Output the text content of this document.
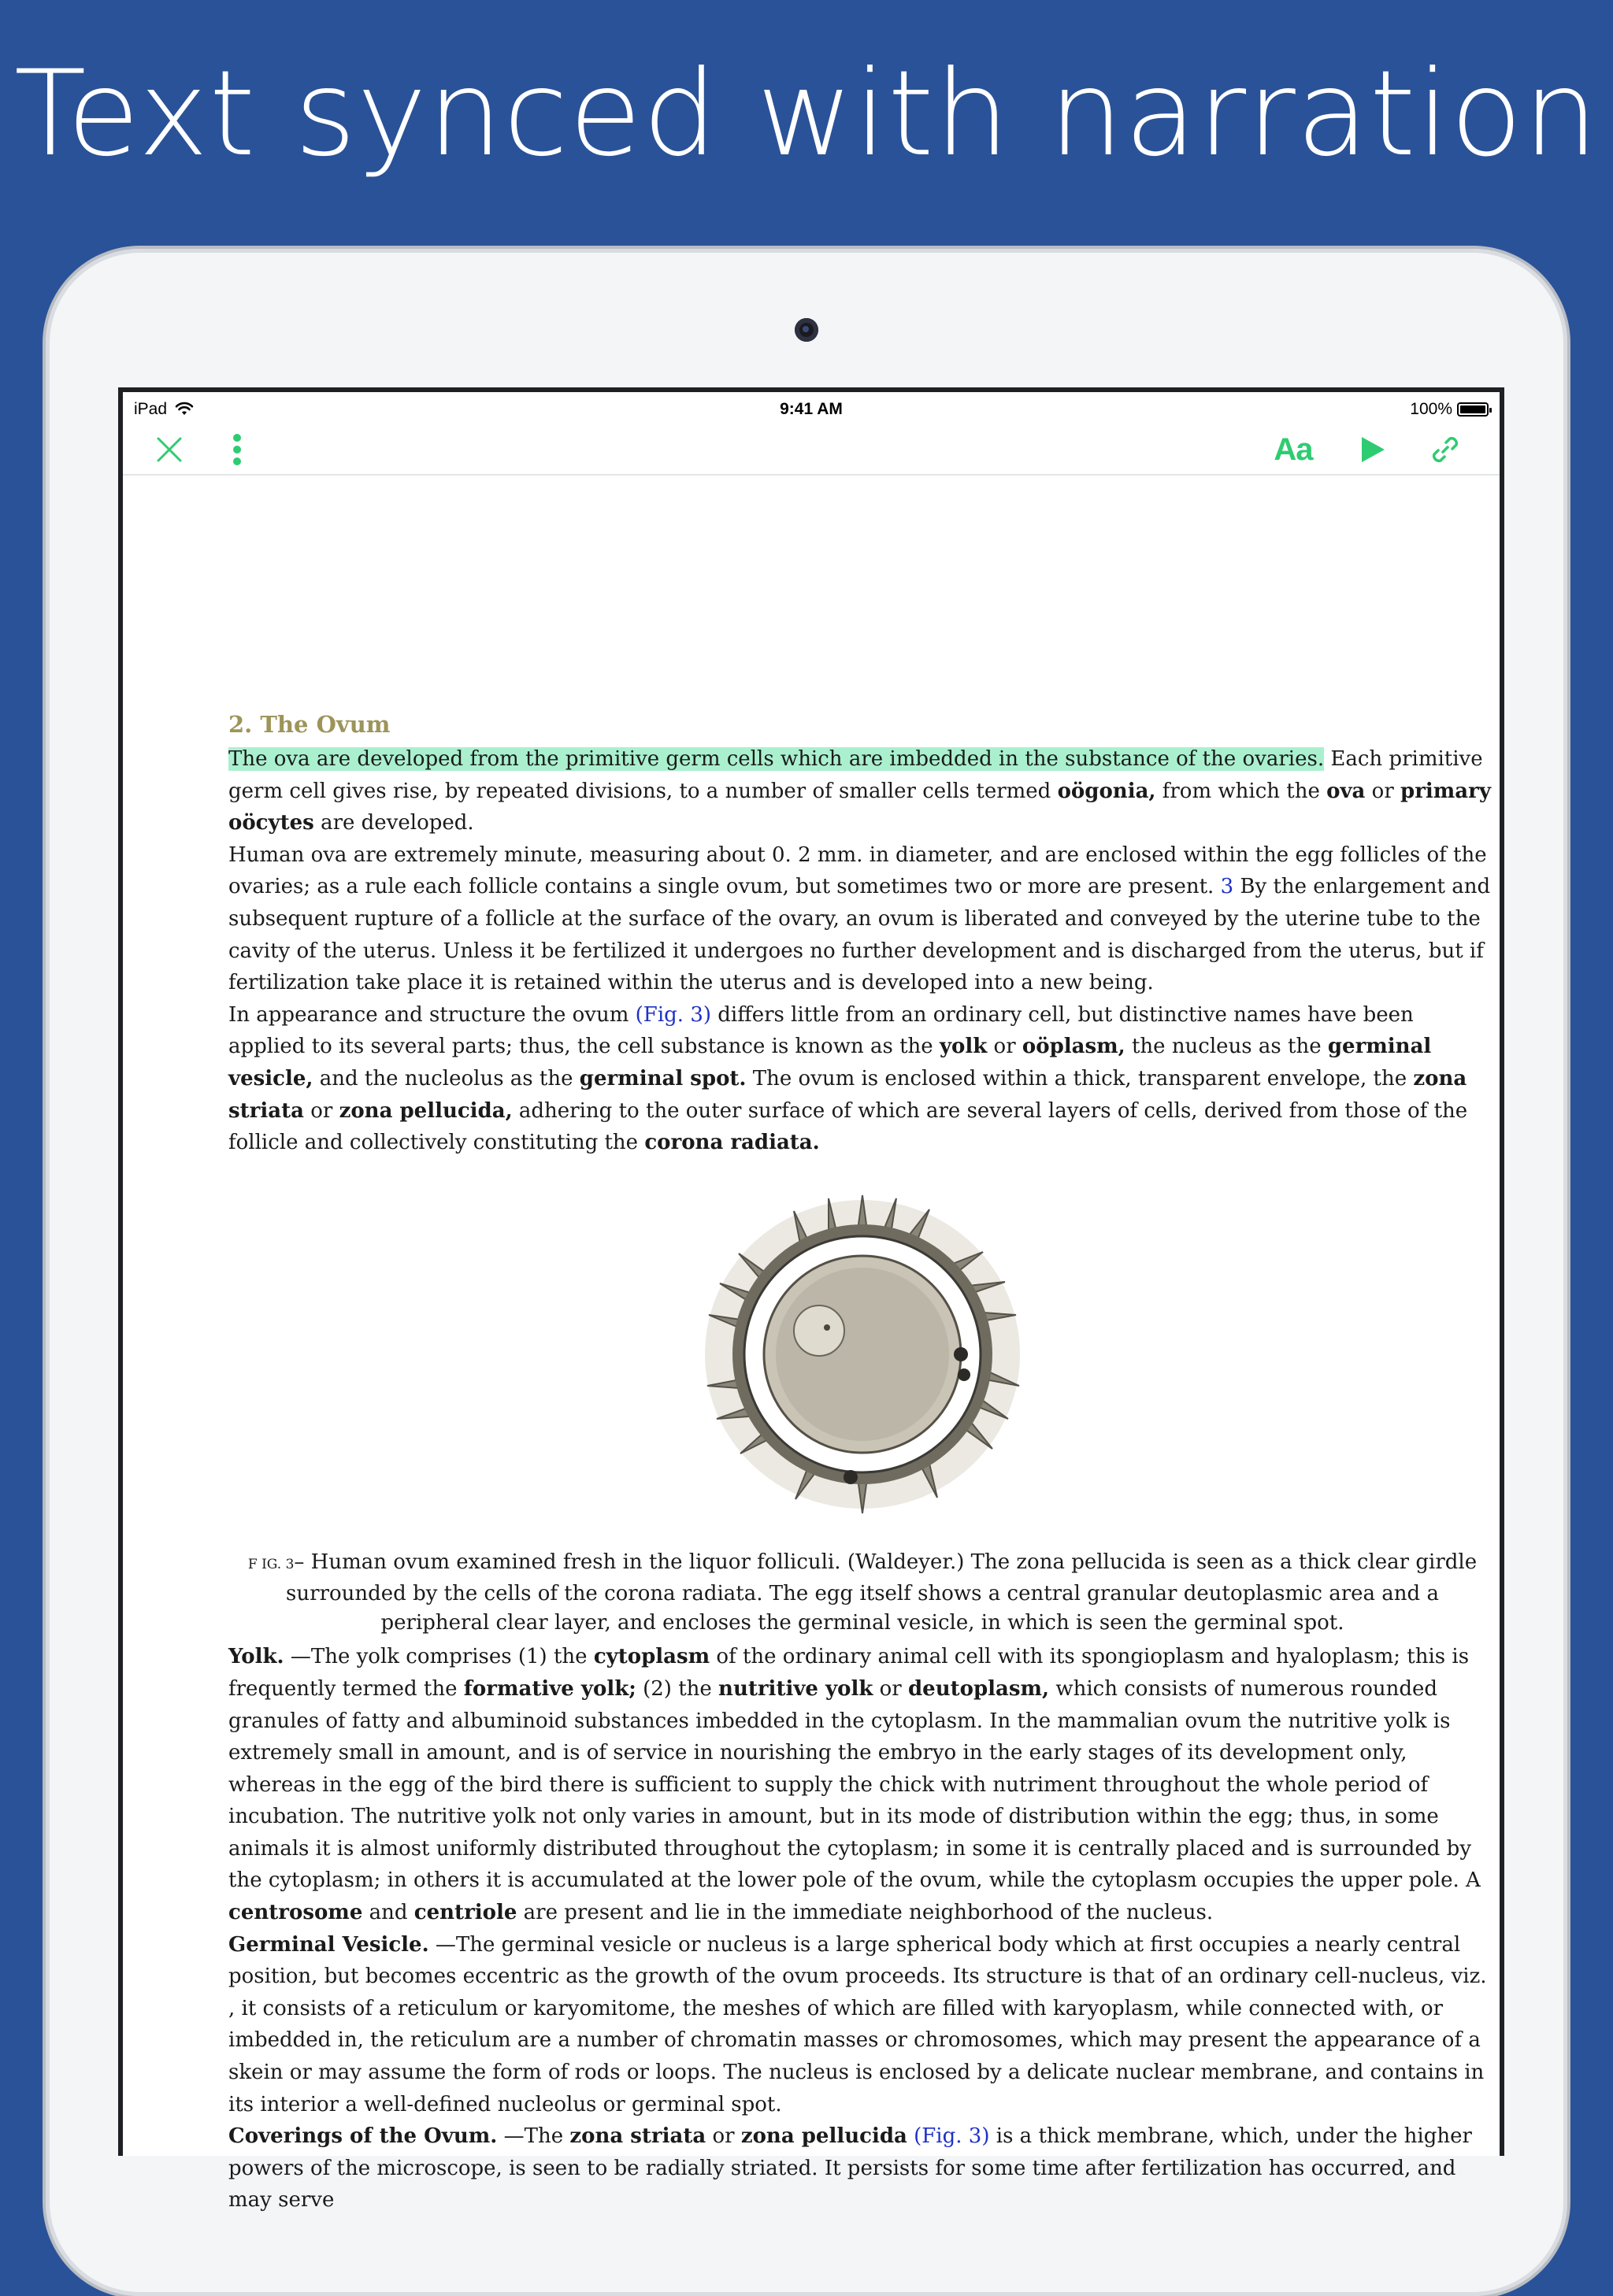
Text synced with narration
iPad	9:41 AM	100%
Aa
2. The Ovum

The ova are developed from the primitive germ cells which are imbedded in the substance of the ovaries. Each primitive germ cell gives rise, by repeated divisions, to a number of smaller cells termed oögonia, from which the ova or primary oöcytes are developed.

Human ova are extremely minute, measuring about 0. 2 mm. in diameter, and are enclosed within the egg follicles of the ovaries; as a rule each follicle contains a single ovum, but sometimes two or more are present. 3 By the enlargement and subsequent rupture of a follicle at the surface of the ovary, an ovum is liberated and conveyed by the uterine tube to the cavity of the uterus. Unless it be fertilized it undergoes no further development and is discharged from the uterus, but if fertilization take place it is retained within the uterus and is developed into a new being.

In appearance and structure the ovum (Fig. 3) differs little from an ordinary cell, but distinctive names have been applied to its several parts; thus, the cell substance is known as the yolk or oöplasm, the nucleus as the germinal vesicle, and the nucleolus as the germinal spot. The ovum is enclosed within a thick, transparent envelope, the zona striata or zona pellucida, adhering to the outer surface of which are several layers of cells, derived from those of the follicle and collectively constituting the corona radiata.

F IG. 3– Human ovum examined fresh in the liquor folliculi. (Waldeyer.) The zona pellucida is seen as a thick clear girdle surrounded by the cells of the corona radiata. The egg itself shows a central granular deutoplasmic area and a peripheral clear layer, and encloses the germinal vesicle, in which is seen the germinal spot.

Yolk. —The yolk comprises (1) the cytoplasm of the ordinary animal cell with its spongioplasm and hyaloplasm; this is frequently termed the formative yolk; (2) the nutritive yolk or deutoplasm, which consists of numerous rounded granules of fatty and albuminoid substances imbedded in the cytoplasm. In the mammalian ovum the nutritive yolk is extremely small in amount, and is of service in nourishing the embryo in the early stages of its development only, whereas in the egg of the bird there is sufficient to supply the chick with nutriment throughout the whole period of incubation. The nutritive yolk not only varies in amount, but in its mode of distribution within the egg; thus, in some animals it is almost uniformly distributed throughout the cytoplasm; in some it is centrally placed and is surrounded by the cytoplasm; in others it is accumulated at the lower pole of the ovum, while the cytoplasm occupies the upper pole. A centrosome and centriole are present and lie in the immediate neighborhood of the nucleus.

Germinal Vesicle. —The germinal vesicle or nucleus is a large spherical body which at first occupies a nearly central position, but becomes eccentric as the growth of the ovum proceeds. Its structure is that of an ordinary cell-nucleus, viz. , it consists of a reticulum or karyomitome, the meshes of which are filled with karyoplasm, while connected with, or imbedded in, the reticulum are a number of chromatin masses or chromosomes, which may present the appearance of a skein or may assume the form of rods or loops. The nucleus is enclosed by a delicate nuclear membrane, and contains in its interior a well-defined nucleolus or germinal spot.

Coverings of the Ovum. —The zona striata or zona pellucida (Fig. 3) is a thick membrane, which, under the higher powers of the microscope, is seen to be radially striated. It persists for some time after fertilization has occurred, and may serve
